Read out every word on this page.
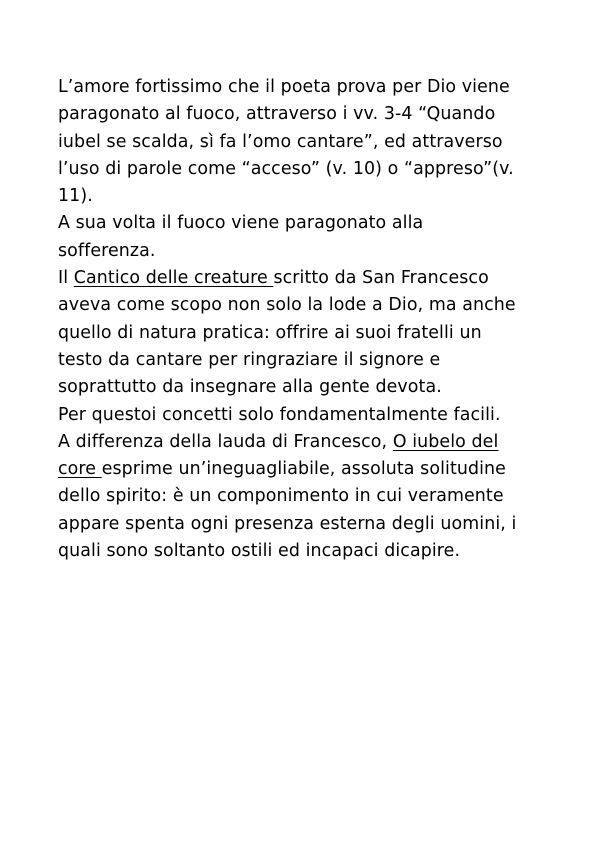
L’amore fortissimo che il poeta prova per Dio viene
paragonato al fuoco, attraverso i vv. 3-4 “Quando
iubel se scalda, sì fa l’omo cantare”, ed attraverso
l’uso di parole come “acceso” (v. 10) o “appreso”(v.
11).
A sua volta il fuoco viene paragonato alla
sofferenza.
Il Cantico delle creature scritto da San Francesco
aveva come scopo non solo la lode a Dio, ma anche
quello di natura pratica: offrire ai suoi fratelli un
testo da cantare per ringraziare il signore e
soprattutto da insegnare alla gente devota.
Per questoi concetti solo fondamentalmente facili.
A differenza della lauda di Francesco, O iubelo del
core esprime un’ineguagliabile, assoluta solitudine
dello spirito: è un componimento in cui veramente
appare spenta ogni presenza esterna degli uomini, i
quali sono soltanto ostili ed incapaci dicapire.
